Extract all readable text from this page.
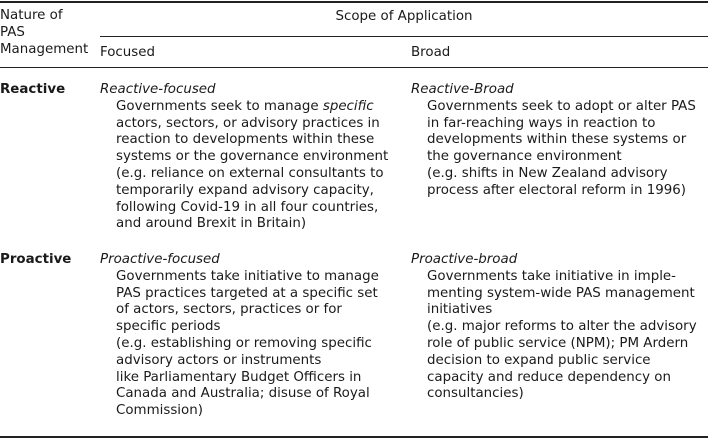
Nature of
PAS
Management
Scope of Application
Focused	Broad
Reactive	Reactive-focused
Governments seek to manage specific
actors, sectors, or advisory practices in
reaction to developments within these
systems or the governance environment
(e.g. reliance on external consultants to
temporarily expand advisory capacity,
following Covid-19 in all four countries,
and around Brexit in Britain)
Reactive-Broad
Governments seek to adopt or alter PAS
in far-reaching ways in reaction to
developments within these systems or
the governance environment
(e.g. shifts in New Zealand advisory
process after electoral reform in 1996)
Proactive Proactive-focused
Governments take initiative to manage
PAS practices targeted at a specific set
of actors, sectors, practices or for
specific periods
(e.g. establishing or removing specific
advisory actors or instruments
like Parliamentary Budget Officers in
Canada and Australia; disuse of Royal
Commission)
Proactive-broad
Governments take initiative in imple-
menting system-wide PAS management
initiatives
(e.g. major reforms to alter the advisory
role of public service (NPM); PM Ardern
decision to expand public service
capacity and reduce dependency on
consultancies)
